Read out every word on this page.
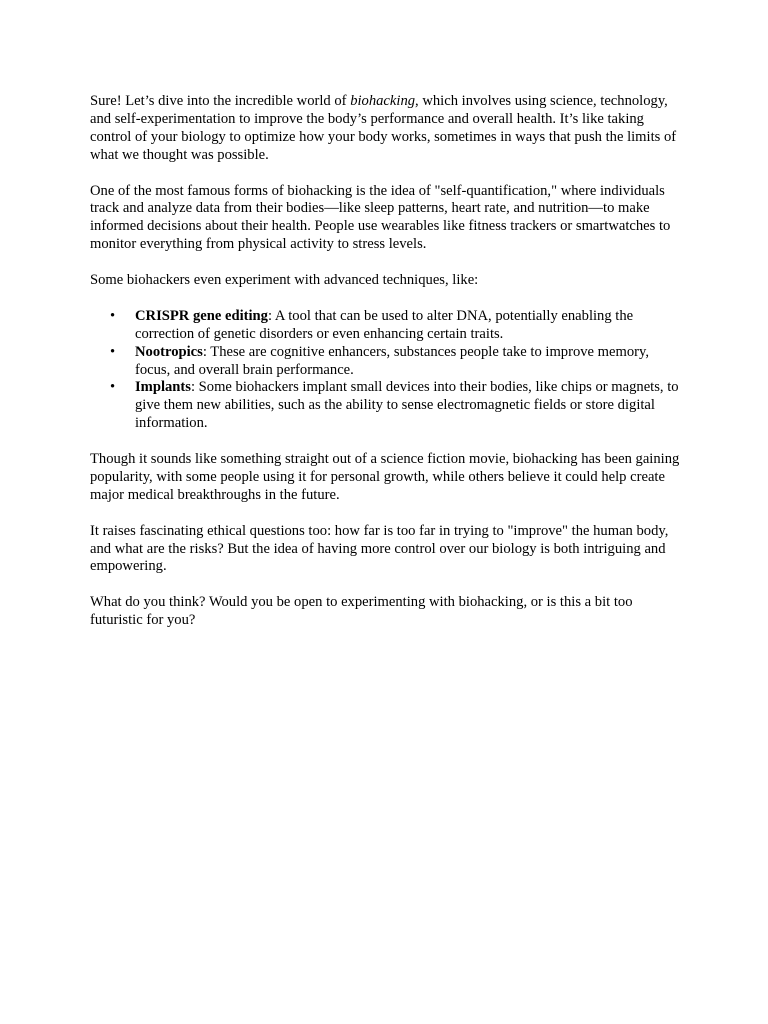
Sure! Let’s dive into the incredible world of biohacking, which involves using science, technology, and self-experimentation to improve the body’s performance and overall health. It’s like taking control of your biology to optimize how your body works, sometimes in ways that push the limits of what we thought was possible.

One of the most famous forms of biohacking is the idea of "self-quantification," where individuals track and analyze data from their bodies—like sleep patterns, heart rate, and nutrition—to make informed decisions about their health. People use wearables like fitness trackers or smartwatches to monitor everything from physical activity to stress levels.

Some biohackers even experiment with advanced techniques, like:

• CRISPR gene editing: A tool that can be used to alter DNA, potentially enabling the correction of genetic disorders or even enhancing certain traits.
• Nootropics: These are cognitive enhancers, substances people take to improve memory, focus, and overall brain performance.
• Implants: Some biohackers implant small devices into their bodies, like chips or magnets, to give them new abilities, such as the ability to sense electromagnetic fields or store digital information.

Though it sounds like something straight out of a science fiction movie, biohacking has been gaining popularity, with some people using it for personal growth, while others believe it could help create major medical breakthroughs in the future.

It raises fascinating ethical questions too: how far is too far in trying to "improve" the human body, and what are the risks? But the idea of having more control over our biology is both intriguing and empowering.

What do you think? Would you be open to experimenting with biohacking, or is this a bit too futuristic for you?
